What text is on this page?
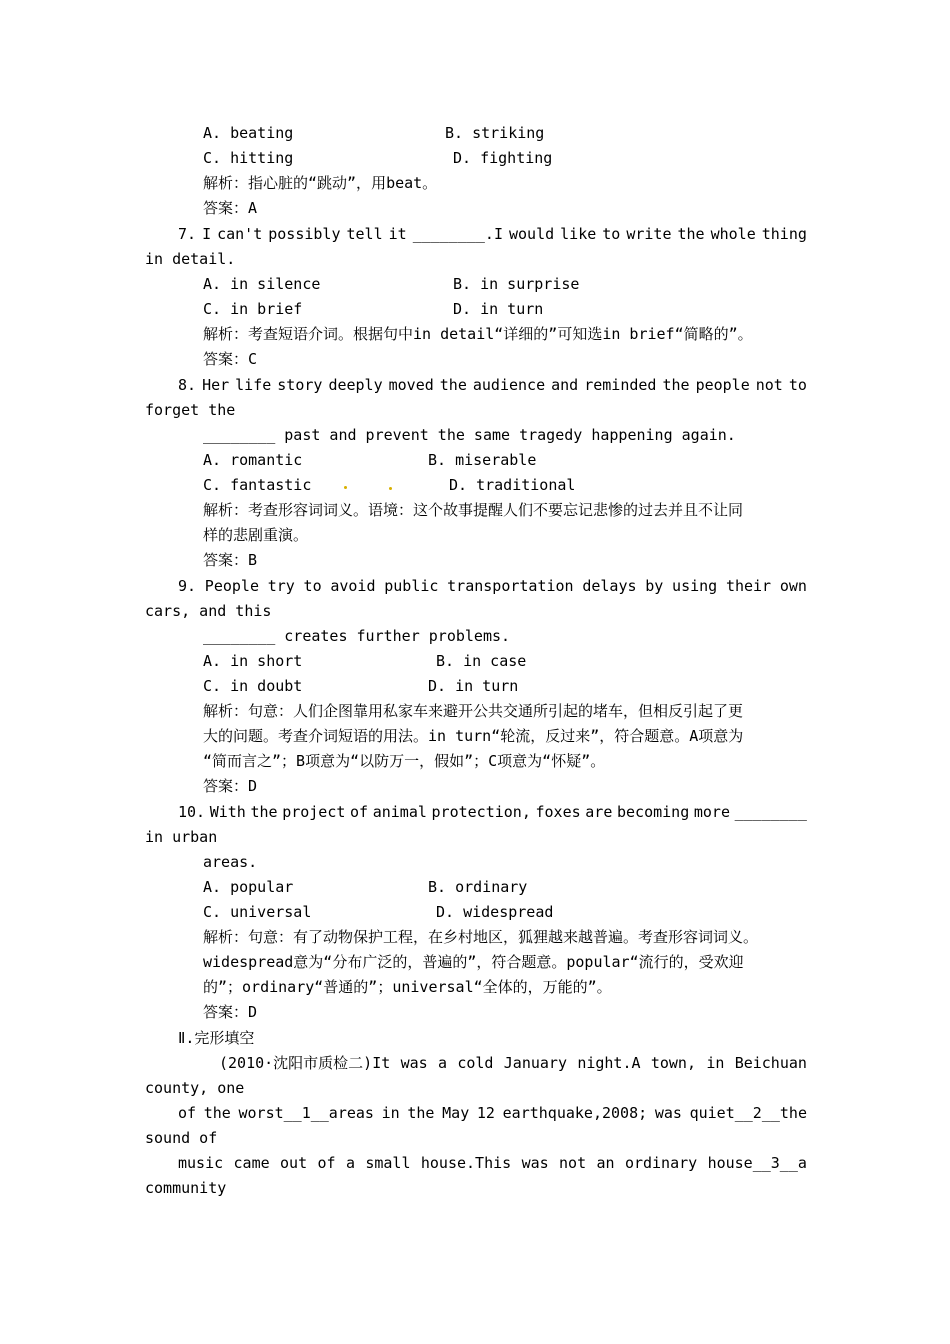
A. beating	B. striking
C. hitting	D. fighting
解析：指心脏的“跳动”，用beat。
答案：A
7. I can't possibly tell it ________.I would like to write the whole thing
in detail.
A. in silence	B. in surprise
C. in brief	D. in turn
解析：考查短语介词。根据句中in detail“详细的”可知选in brief“简略的”。
答案：C
8. Her life story deeply moved the audience and reminded the people not to
forget the
________ past and prevent the same tragedy happening again.
A. romantic	B. miserable
C. fantastic	D. traditional
解析：考查形容词词义。语境：这个故事提醒人们不要忘记悲惨的过去并且不让同
样的悲剧重演。
答案：B
9. People try to avoid public transportation delays by using their own
cars, and this
________ creates further problems.
A. in short	B. in case
C. in doubt	D. in turn
解析：句意：人们企图靠用私家车来避开公共交通所引起的堵车，但相反引起了更
大的问题。考查介词短语的用法。in turn“轮流，反过来”，符合题意。A项意为
“简而言之”；B项意为“以防万一，假如”；C项意为“怀疑”。
答案：D
10. With the project of animal protection, foxes are becoming more ________
in urban
areas.
A. popular	B. ordinary
C. universal	D. widespread
解析：句意：有了动物保护工程，在乡村地区，狐狸越来越普遍。考查形容词词义。
widespread意为“分布广泛的，普遍的”，符合题意。popular“流行的，受欢迎
的”；ordinary“普通的”；universal“全体的，万能的”。
答案：D
Ⅱ.完形填空
(2010·沈阳市质检二)It was a cold January night.A town, in Beichuan
county, one
of the worst__1__areas in the May 12 earthquake,2008; was quiet__2__the
sound of
music came out of a small house.This was not an ordinary house__3__a
community
